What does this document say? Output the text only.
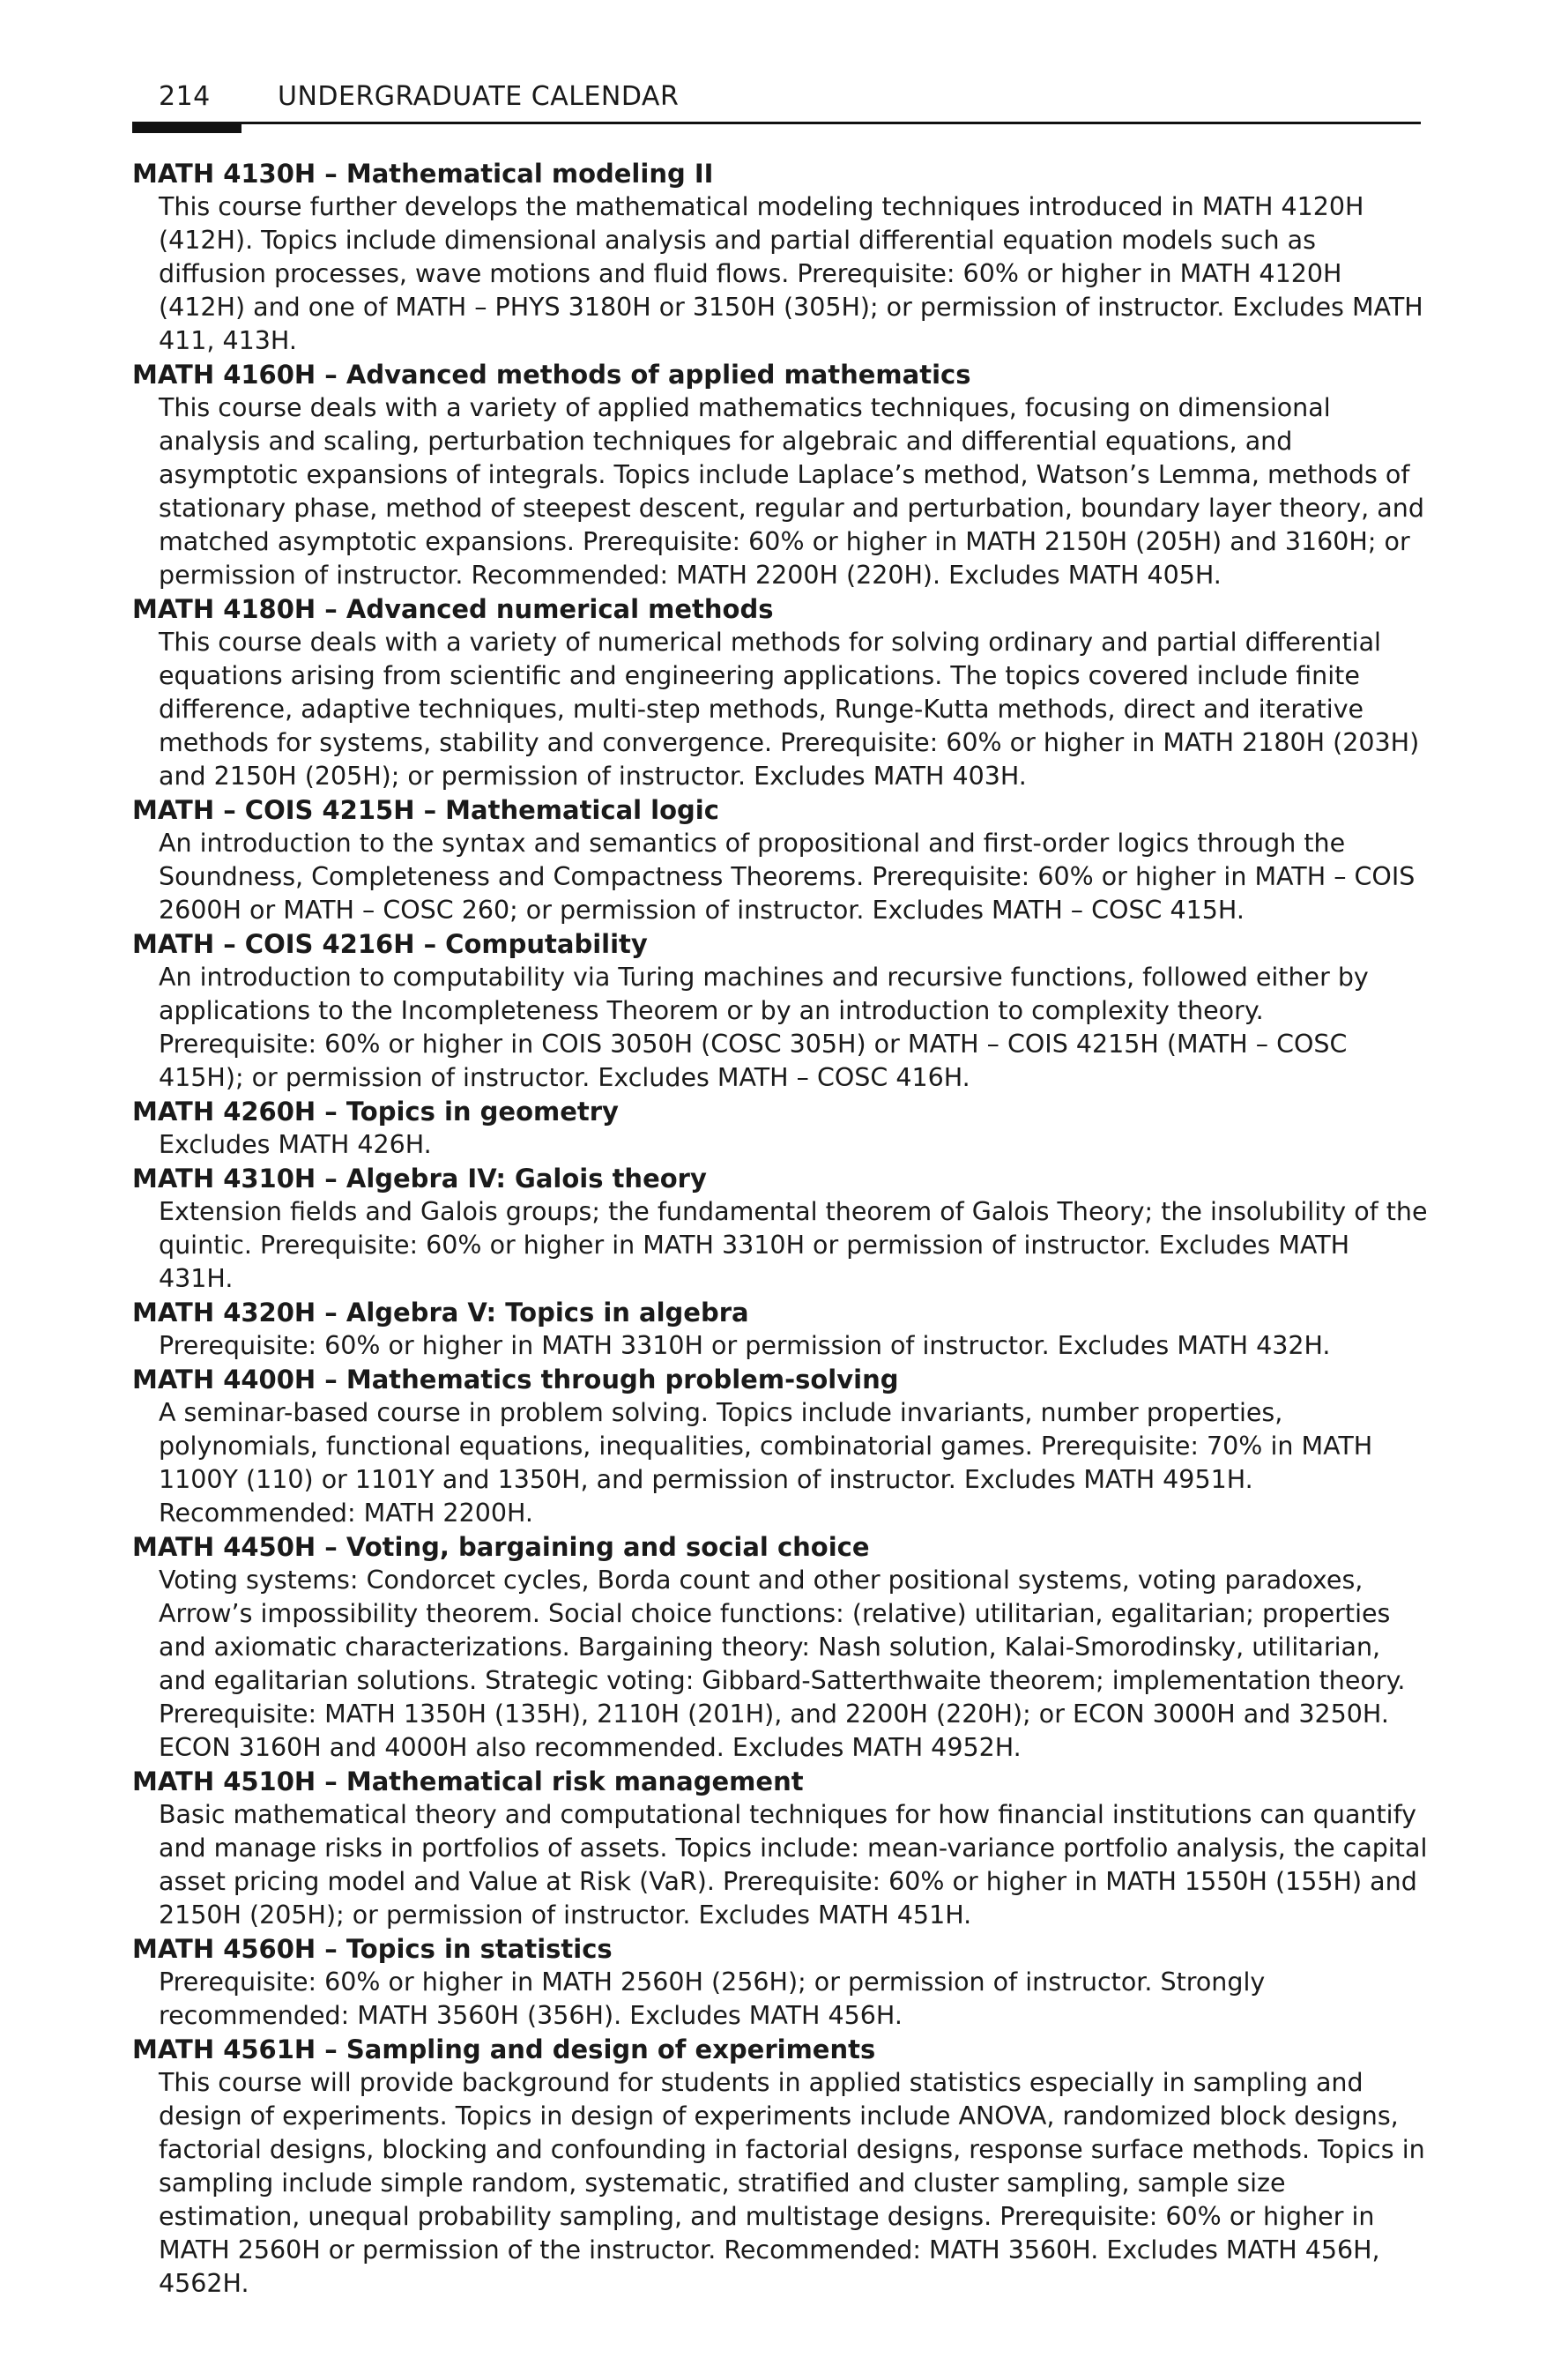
214	UNDERGRADUATE CALENDAR

MATH 4130H – Mathematical modeling II

This course further develops the mathematical modeling techniques introduced in MATH 4120H (412H). Topics include dimensional analysis and partial differential equation models such as diffusion processes, wave motions and fluid flows. Prerequisite: 60% or higher in MATH 4120H (412H) and one of MATH – PHYS 3180H or 3150H (305H); or permission of instructor. Excludes MATH 411, 413H.

MATH 4160H – Advanced methods of applied mathematics

This course deals with a variety of applied mathematics techniques, focusing on dimensional analysis and scaling, perturbation techniques for algebraic and differential equations, and asymptotic expansions of integrals. Topics include Laplace’s method, Watson’s Lemma, methods of stationary phase, method of steepest descent, regular and perturbation, boundary layer theory, and matched asymptotic expansions. Prerequisite: 60% or higher in MATH 2150H (205H) and 3160H; or permission of instructor. Recommended: MATH 2200H (220H). Excludes MATH 405H.

MATH 4180H – Advanced numerical methods

This course deals with a variety of numerical methods for solving ordinary and partial differential equations arising from scientific and engineering applications. The topics covered include finite difference, adaptive techniques, multi-step methods, Runge-Kutta methods, direct and iterative methods for systems, stability and convergence. Prerequisite: 60% or higher in MATH 2180H (203H) and 2150H (205H); or permission of instructor. Excludes MATH 403H.

MATH – COIS 4215H – Mathematical logic

An introduction to the syntax and semantics of propositional and first-order logics through the Soundness, Completeness and Compactness Theorems. Prerequisite: 60% or higher in MATH – COIS 2600H or MATH – COSC 260; or permission of instructor. Excludes MATH – COSC 415H.

MATH – COIS 4216H – Computability

An introduction to computability via Turing machines and recursive functions, followed either by applications to the Incompleteness Theorem or by an introduction to complexity theory. Prerequisite: 60% or higher in COIS 3050H (COSC 305H) or MATH – COIS 4215H (MATH – COSC 415H); or permission of instructor. Excludes MATH – COSC 416H.

MATH 4260H – Topics in geometry

Excludes MATH 426H.

MATH 4310H – Algebra IV: Galois theory

Extension fields and Galois groups; the fundamental theorem of Galois Theory; the insolubility of the quintic. Prerequisite: 60% or higher in MATH 3310H or permission of instructor. Excludes MATH 431H.

MATH 4320H – Algebra V: Topics in algebra

Prerequisite: 60% or higher in MATH 3310H or permission of instructor. Excludes MATH 432H.

MATH 4400H – Mathematics through problem-solving

A seminar-based course in problem solving. Topics include invariants, number properties, polynomials, functional equations, inequalities, combinatorial games. Prerequisite: 70% in MATH 1100Y (110) or 1101Y and 1350H, and permission of instructor. Excludes MATH 4951H. Recommended: MATH 2200H.

MATH 4450H – Voting, bargaining and social choice

Voting systems: Condorcet cycles, Borda count and other positional systems, voting paradoxes, Arrow’s impossibility theorem. Social choice functions: (relative) utilitarian, egalitarian; properties and axiomatic characterizations. Bargaining theory: Nash solution, Kalai-Smorodinsky, utilitarian, and egalitarian solutions. Strategic voting: Gibbard-Satterthwaite theorem; implementation theory. Prerequisite: MATH 1350H (135H), 2110H (201H), and 2200H (220H); or ECON 3000H and 3250H. ECON 3160H and 4000H also recommended. Excludes MATH 4952H.

MATH 4510H – Mathematical risk management

Basic mathematical theory and computational techniques for how financial institutions can quantify and manage risks in portfolios of assets. Topics include: mean-variance portfolio analysis, the capital asset pricing model and Value at Risk (VaR). Prerequisite: 60% or higher in MATH 1550H (155H) and 2150H (205H); or permission of instructor. Excludes MATH 451H.

MATH 4560H – Topics in statistics

Prerequisite: 60% or higher in MATH 2560H (256H); or permission of instructor. Strongly recommended: MATH 3560H (356H). Excludes MATH 456H.

MATH 4561H – Sampling and design of experiments

This course will provide background for students in applied statistics especially in sampling and design of experiments. Topics in design of experiments include ANOVA, randomized block designs, factorial designs, blocking and confounding in factorial designs, response surface methods. Topics in sampling include simple random, systematic, stratified and cluster sampling, sample size estimation, unequal probability sampling, and multistage designs. Prerequisite: 60% or higher in MATH 2560H or permission of the instructor. Recommended: MATH 3560H. Excludes MATH 456H, 4562H.
